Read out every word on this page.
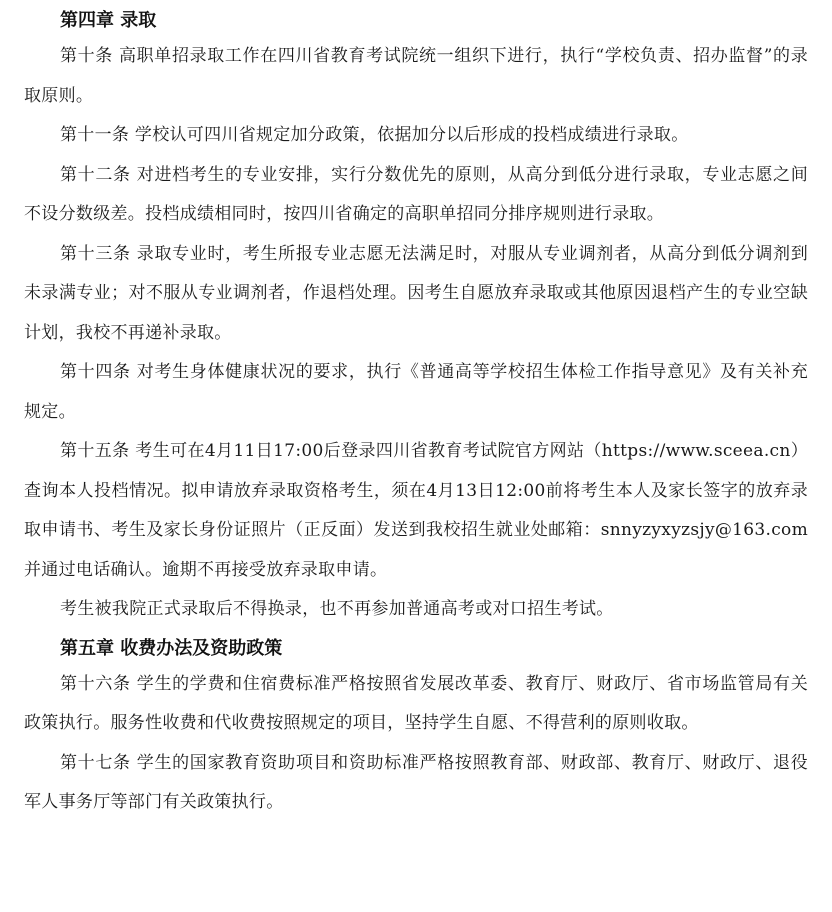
第四章 录取

第十条 高职单招录取工作在四川省教育考试院统一组织下进行，执行“学校负责、招办监督”的录取原则。

第十一条 学校认可四川省规定加分政策，依据加分以后形成的投档成绩进行录取。

第十二条 对进档考生的专业安排，实行分数优先的原则，从高分到低分进行录取，专业志愿之间不设分数级差。投档成绩相同时，按四川省确定的高职单招同分排序规则进行录取。

第十三条 录取专业时，考生所报专业志愿无法满足时，对服从专业调剂者，从高分到低分调剂到未录满专业；对不服从专业调剂者，作退档处理。因考生自愿放弃录取或其他原因退档产生的专业空缺计划，我校不再递补录取。

第十四条 对考生身体健康状况的要求，执行《普通高等学校招生体检工作指导意见》及有关补充规定。

第十五条 考生可在4月11日17:00后登录四川省教育考试院官方网站（https://www.sceea.cn）查询本人投档情况。拟申请放弃录取资格考生，须在4月13日12:00前将考生本人及家长签字的放弃录取申请书、考生及家长身份证照片（正反面）发送到我校招生就业处邮箱：snnyzyxyzsjy@163.com并通过电话确认。逾期不再接受放弃录取申请。

考生被我院正式录取后不得换录，也不再参加普通高考或对口招生考试。

第五章 收费办法及资助政策

第十六条 学生的学费和住宿费标准严格按照省发展改革委、教育厅、财政厅、省市场监管局有关政策执行。服务性收费和代收费按照规定的项目，坚持学生自愿、不得营利的原则收取。

第十七条 学生的国家教育资助项目和资助标准严格按照教育部、财政部、教育厅、财政厅、退役军人事务厅等部门有关政策执行。
